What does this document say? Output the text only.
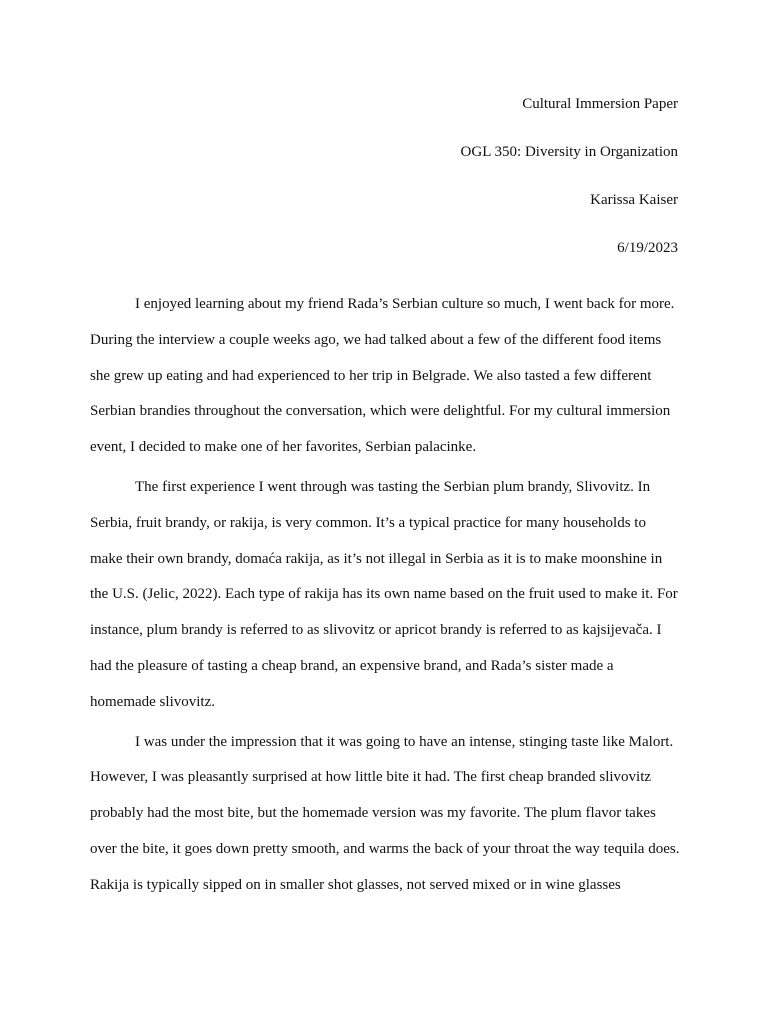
Cultural Immersion Paper
OGL 350: Diversity in Organization
Karissa Kaiser
6/19/2023
I enjoyed learning about my friend Rada’s Serbian culture so much, I went back for more. During the interview a couple weeks ago, we had talked about a few of the different food items she grew up eating and had experienced to her trip in Belgrade. We also tasted a few different Serbian brandies throughout the conversation, which were delightful. For my cultural immersion event, I decided to make one of her favorites, Serbian palacinke.
The first experience I went through was tasting the Serbian plum brandy, Slivovitz. In Serbia, fruit brandy, or rakija, is very common. It’s a typical practice for many households to make their own brandy, domaća rakija, as it’s not illegal in Serbia as it is to make moonshine in the U.S. (Jelic, 2022). Each type of rakija has its own name based on the fruit used to make it. For instance, plum brandy is referred to as slivovitz or apricot brandy is referred to as kajsijevača. I had the pleasure of tasting a cheap brand, an expensive brand, and Rada’s sister made a homemade slivovitz.
I was under the impression that it was going to have an intense, stinging taste like Malort. However, I was pleasantly surprised at how little bite it had. The first cheap branded slivovitz probably had the most bite, but the homemade version was my favorite. The plum flavor takes over the bite, it goes down pretty smooth, and warms the back of your throat the way tequila does. Rakija is typically sipped on in smaller shot glasses, not served mixed or in wine glasses
